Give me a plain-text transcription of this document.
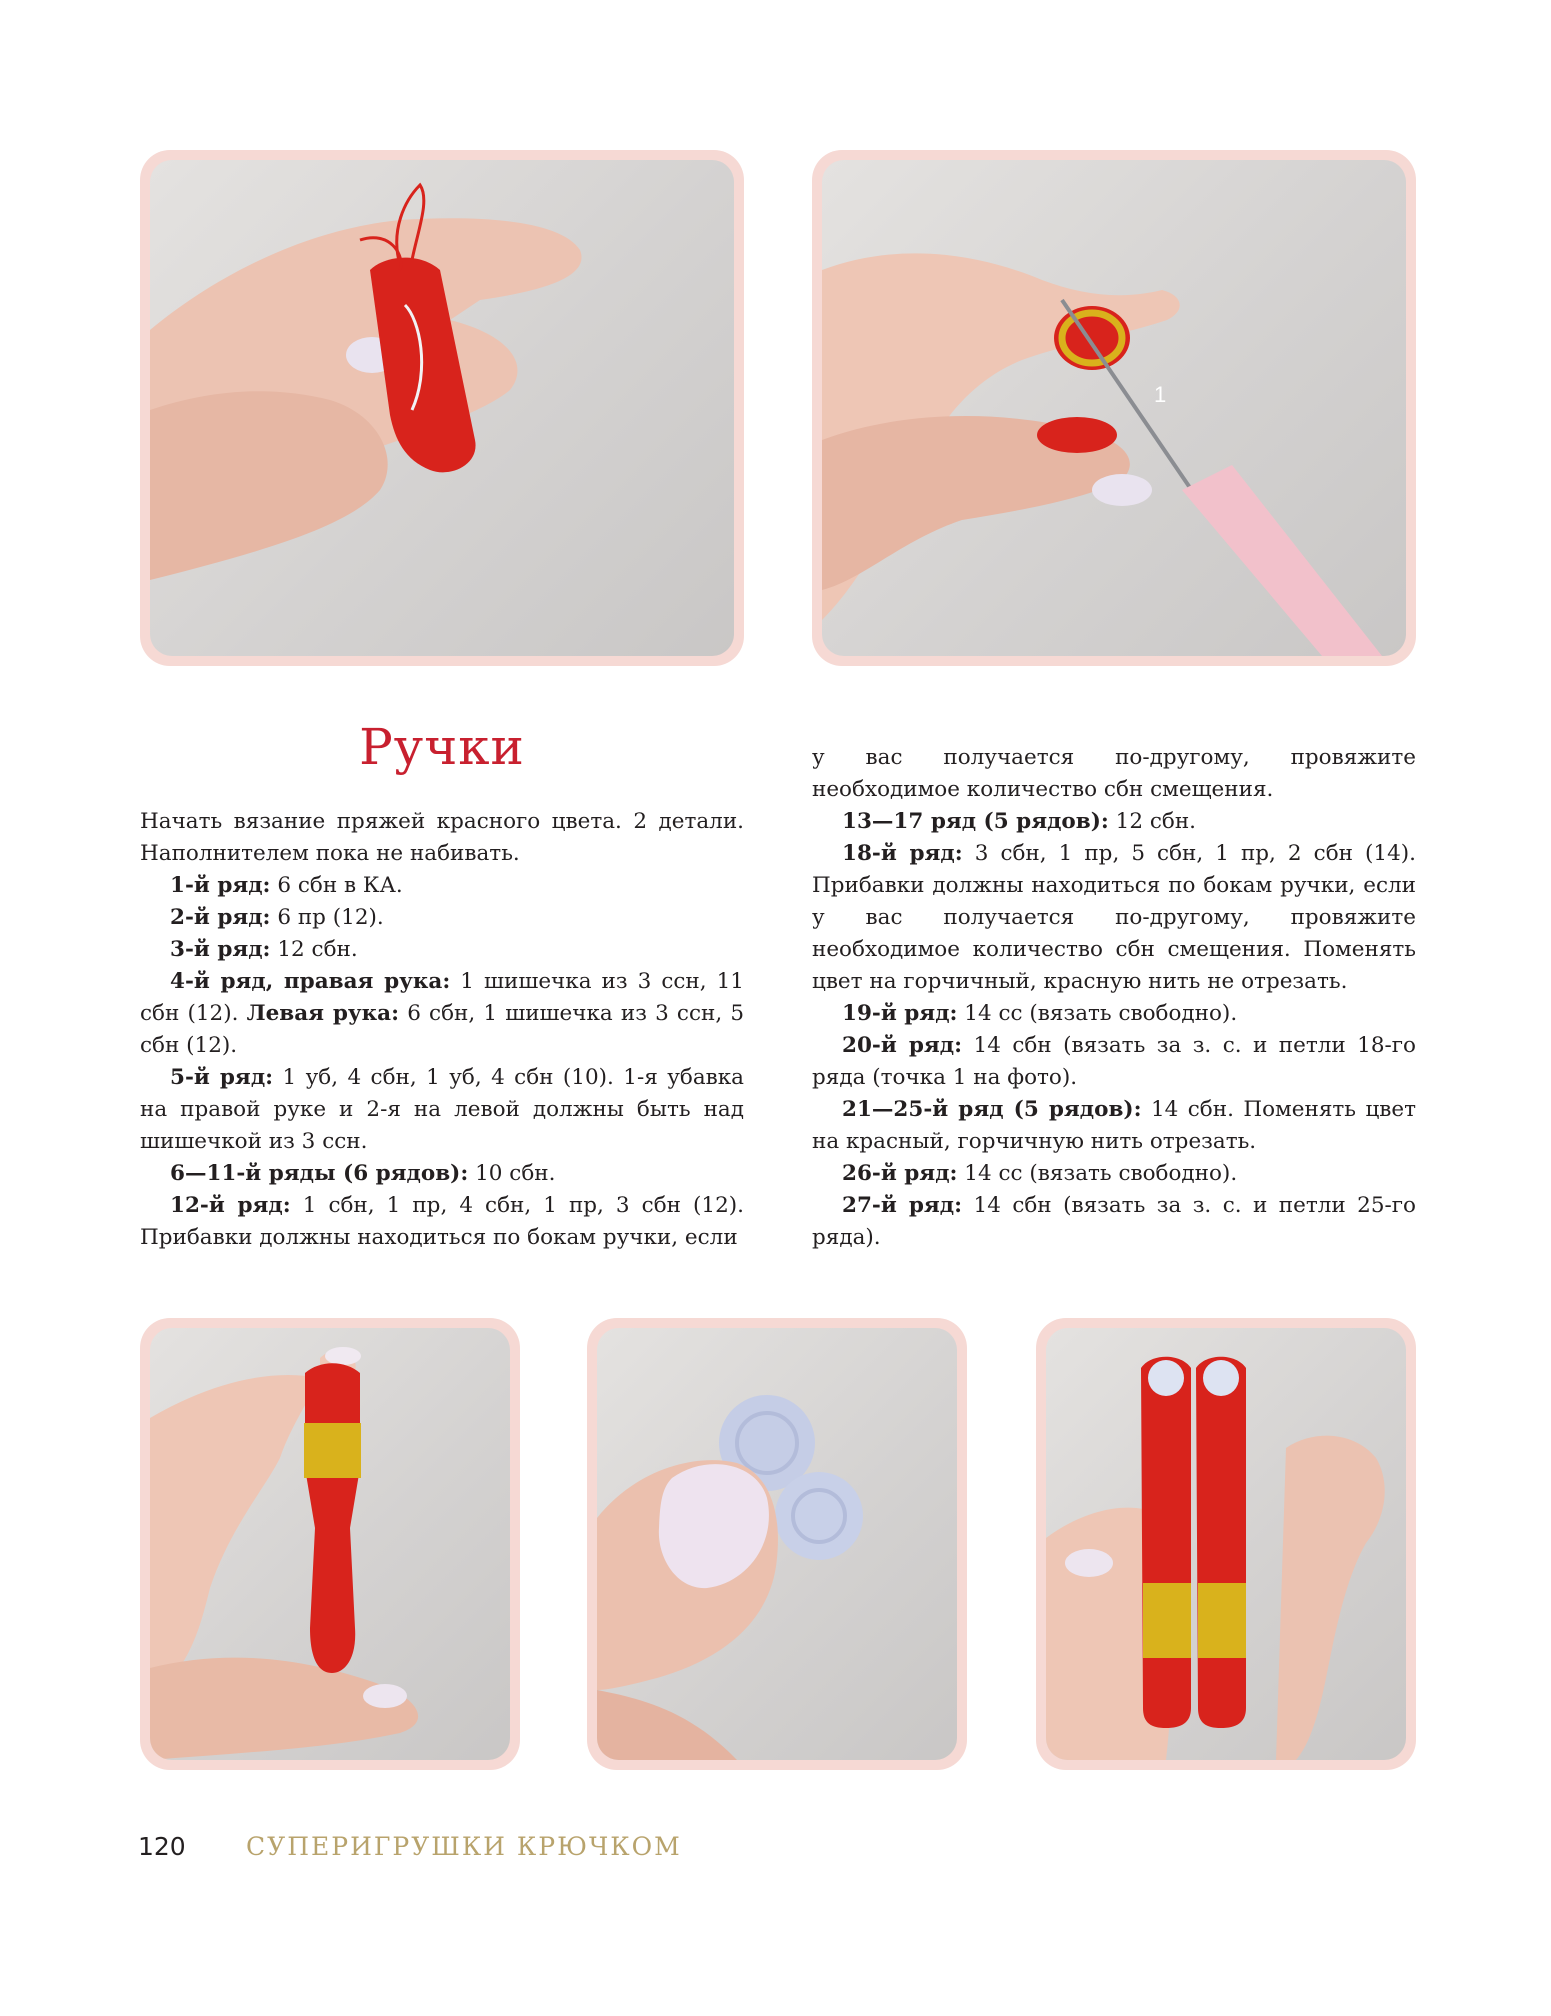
1
Ручки

Начать вязание пряжей красного цвета. 2 детали. Наполнителем пока не набивать.

1-й ряд: 6 сбн в КА.

2-й ряд: 6 пр (12).

3-й ряд: 12 сбн.

4-й ряд, правая рука: 1 шишечка из 3 ссн, 11 сбн (12). Левая рука: 6 сбн, 1 шишечка из 3 ссн, 5 сбн (12).

5-й ряд: 1 уб, 4 сбн, 1 уб, 4 сбн (10). 1-я убавка на правой руке и 2-я на левой должны быть над шишечкой из 3 ссн.

6—11-й ряды (6 рядов): 10 сбн.

12-й ряд: 1 сбн, 1 пр, 4 сбн, 1 пр, 3 сбн (12). Прибавки должны находиться по бокам ручки, если

у вас получается по-другому, провяжите необходимое количество сбн смещения.

13—17 ряд (5 рядов): 12 сбн.

18-й ряд: 3 сбн, 1 пр, 5 сбн, 1 пр, 2 сбн (14). Прибавки должны находиться по бокам ручки, если у вас получается по-другому, провяжите необходимое количество сбн смещения. Поменять цвет на горчичный, красную нить не отрезать.

19-й ряд: 14 сс (вязать свободно).

20-й ряд: 14 сбн (вязать за з. с. и петли 18-го ряда (точка 1 на фото).

21—25-й ряд (5 рядов): 14 сбн. Поменять цвет на красный, горчичную нить отрезать.

26-й ряд: 14 сс (вязать свободно).

27-й ряд: 14 сбн (вязать за з. с. и петли 25-го ряда).

120 СУПЕРИГРУШКИ КРЮЧКОМ
